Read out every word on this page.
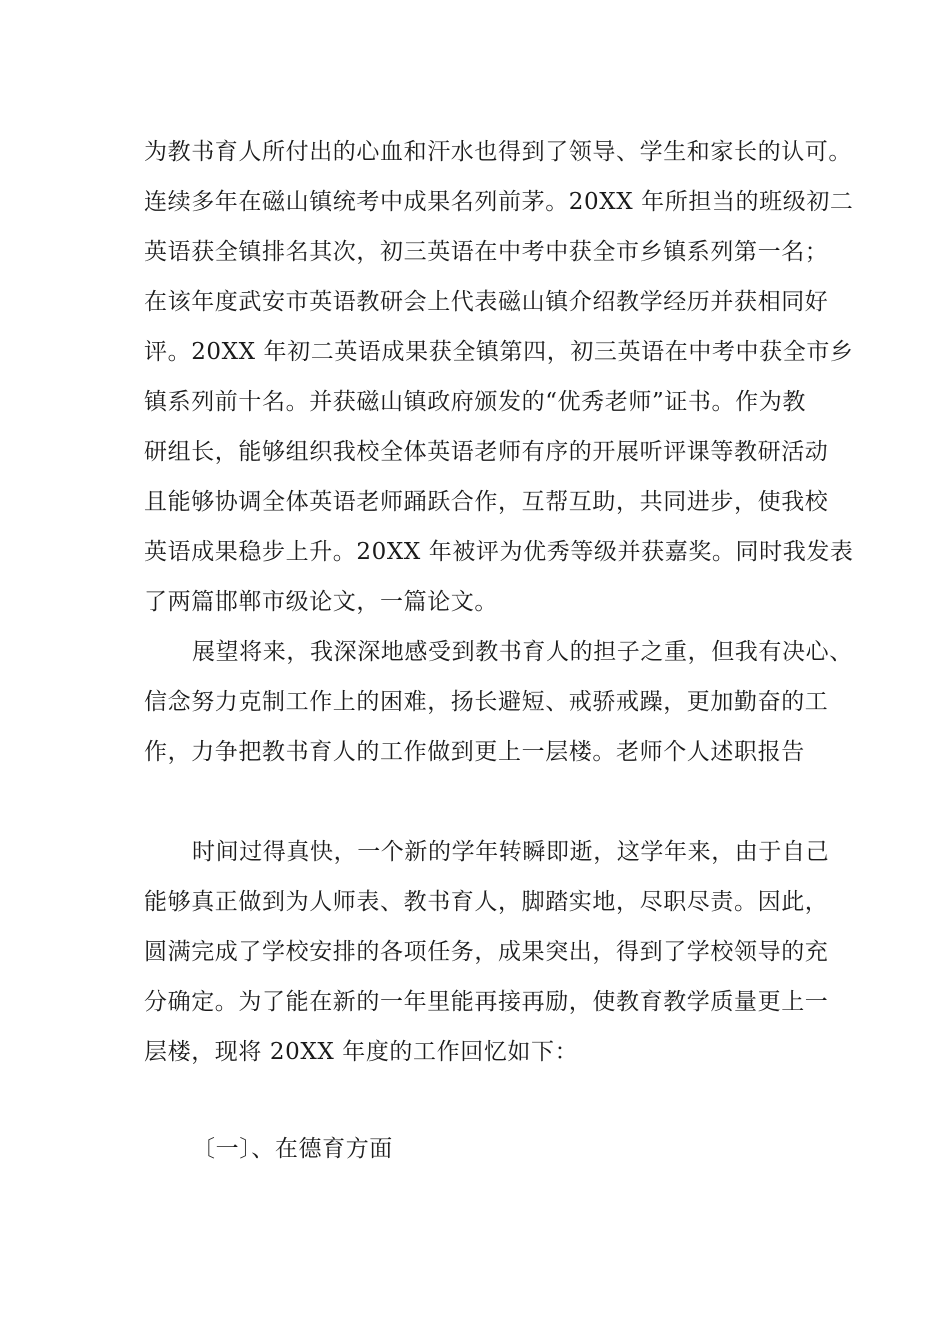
为教书育人所付出的心血和汗水也得到了领导、学生和家长的认可。
连续多年在磁山镇统考中成果名列前茅。20XX 年所担当的班级初二
英语获全镇排名其次，初三英语在中考中获全市乡镇系列第一名；
在该年度武安市英语教研会上代表磁山镇介绍教学经历并获相同好
评。20XX 年初二英语成果获全镇第四，初三英语在中考中获全市乡
镇系列前十名。并获磁山镇政府颁发的“优秀老师”证书。作为教
研组长，能够组织我校全体英语老师有序的开展听评课等教研活动
且能够协调全体英语老师踊跃合作，互帮互助，共同进步，使我校
英语成果稳步上升。20XX 年被评为优秀等级并获嘉奖。同时我发表
了两篇邯郸市级论文，一篇论文。
展望将来，我深深地感受到教书育人的担子之重，但我有决心、
信念努力克制工作上的困难，扬长避短、戒骄戒躁，更加勤奋的工
作，力争把教书育人的工作做到更上一层楼。老师个人述职报告
时间过得真快，一个新的学年转瞬即逝，这学年来，由于自己
能够真正做到为人师表、教书育人，脚踏实地，尽职尽责。因此，
圆满完成了学校安排的各项任务，成果突出，得到了学校领导的充
分确定。为了能在新的一年里能再接再励，使教育教学质量更上一
层楼，现将 20XX 年度的工作回忆如下：
〔一〕、在德育方面
